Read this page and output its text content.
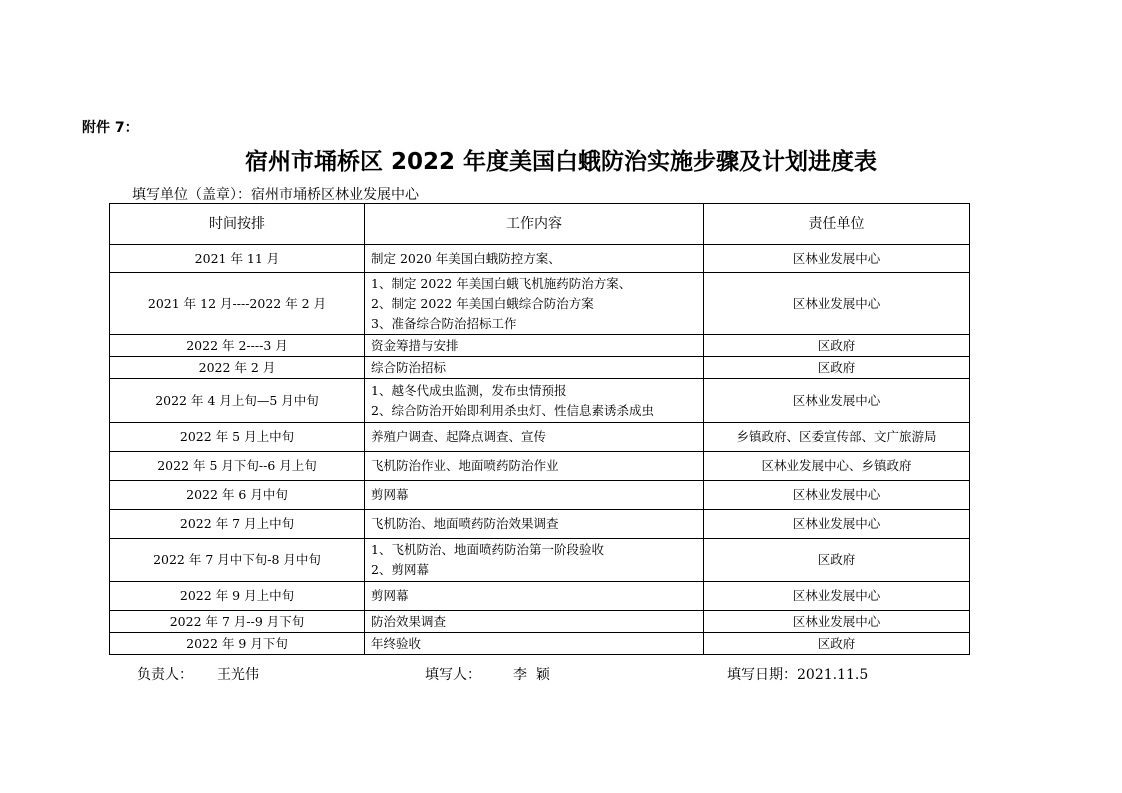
附件 7：
宿州市埇桥区 2022 年度美国白蛾防治实施步骤及计划进度表
填写单位（盖章）：宿州市埇桥区林业发展中心
时间按排	工作内容	责任单位
2021 年 11 月	制定 2020 年美国白蛾防控方案、	区林业发展中心
2021 年 12 月----2022 年 2 月	1、制定 2022 年美国白蛾飞机施药防治方案、
2、制定 2022 年美国白蛾综合防治方案
3、准备综合防治招标工作	区林业发展中心
2022 年 2----3 月	资金筹措与安排	区政府
2022 年 2 月	综合防治招标	区政府
2022 年 4 月上旬—5 月中旬	1、越冬代成虫监测，发布虫情预报
2、综合防治开始即利用杀虫灯、性信息素诱杀成虫	区林业发展中心
2022 年 5 月上中旬	养殖户调查、起降点调查、宣传	乡镇政府、区委宣传部、文广旅游局
2022 年 5 月下旬--6 月上旬	飞机防治作业、地面喷药防治作业	区林业发展中心、乡镇政府
2022 年 6 月中旬	剪网幕	区林业发展中心
2022 年 7 月上中旬	飞机防治、地面喷药防治效果调查	区林业发展中心
2022 年 7 月中下旬-8 月中旬	1、飞机防治、地面喷药防治第一阶段验收
2、剪网幕	区政府
2022 年 9 月上中旬	剪网幕	区林业发展中心
2022 年 7 月--9 月下旬	防治效果调查	区林业发展中心
2022 年 9 月下旬	年终验收	区政府
负责人： 王光伟	填写人： 李  颖	填写日期：2021.11.5
